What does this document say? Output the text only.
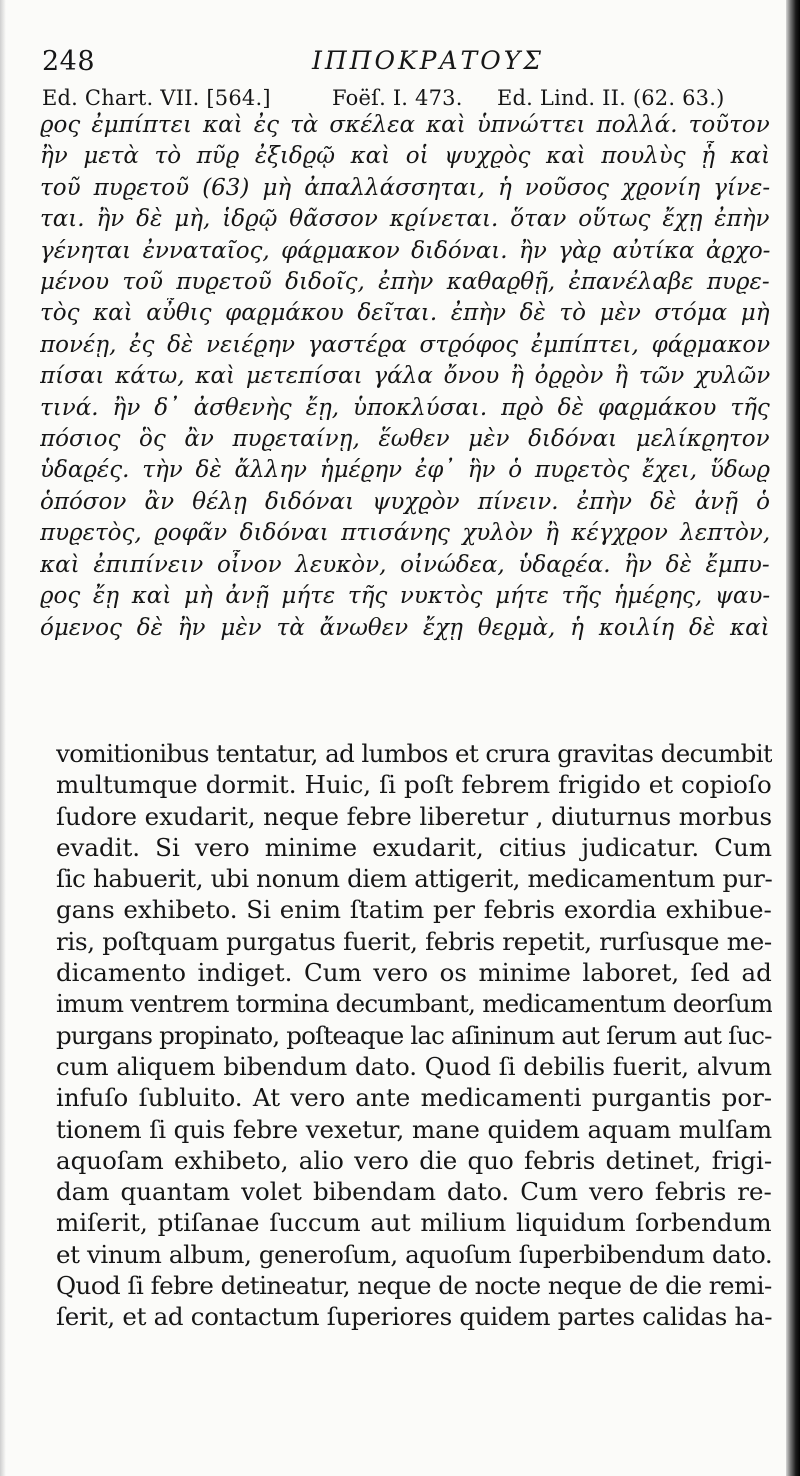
248	ΙΠΠΟΚΡΑΤΟΥΣ
Ed. Chart. VII. [564.]	Foëſ. I. 473. Ed. Lind. II. (62. 63.)
ϱος ἐμπίπτει καὶ ἐς τὰ σκέλεα καὶ ὑπνώττει πολλά. τοῦτον
ἢν μετὰ τὸ πῦϱ ἐξιδϱῷ καὶ οἱ ψυχϱὸς καὶ πουλὺς ᾗ καὶ
τοῦ πυϱετοῦ (63) μὴ ἀπαλλάσσηται, ἡ νοῦσος χϱονίη γίνε-
ται. ἢν δὲ μὴ, ἱδϱῷ θᾶσσον κϱίνεται. ὅταν οὕτως ἔχῃ ἐπὴν
γένηται ἐνναταῖος, φάϱμακον διδόναι. ἢν γὰϱ αὐτίκα ἀϱχο-
μένου τοῦ πυϱετοῦ διδοῖς, ἐπὴν καθαϱθῇ, ἐπανέλαβε πυϱε-
τὸς καὶ αὖθις φαϱμάκου δεῖται. ἐπὴν δὲ τὸ μὲν στόμα μὴ
πονέῃ, ἐς δὲ νειέϱην γαστέϱα στϱόφος ἐμπίπτει, φάϱμακον
πίσαι κάτω, καὶ μετεπίσαι γάλα ὄνου ἢ ὀϱϱὸν ἢ τῶν χυλῶν
τινά. ἢν δ᾽ ἀσθενὴς ἔῃ, ὑποκλύσαι. πϱὸ δὲ φαϱμάκου τῆς
πόσιος ὃς ἂν πυϱεταίνῃ, ἕωθεν μὲν διδόναι μελίκϱητον
ὑδαϱές. τὴν δὲ ἄλλην ἡμέϱην ἐφ᾽ ἣν ὁ πυϱετὸς ἔχει, ὕδωϱ
ὁπόσον ἂν θέλῃ διδόναι ψυχϱὸν πίνειν. ἐπὴν δὲ ἀνῇ ὁ
πυϱετὸς, ϱοφᾶν διδόναι πτισάνης χυλὸν ἢ κέγχϱον λεπτὸν,
καὶ ἐπιπίνειν οἶνον λευκὸν, οἰνώδεα, ὑδαϱέα. ἢν δὲ ἔμπυ-
ϱος ἔῃ καὶ μὴ ἀνῇ μήτε τῆς νυκτὸς μήτε τῆς ἡμέϱης, ψαυ-
όμενος δὲ ἢν μὲν τὰ ἄνωθεν ἔχῃ θεϱμὰ, ἡ κοιλίη δὲ καὶ
vomitionibus tentatur, ad lumbos et crura gravitas decumbit
multumque dormit. Huic, ſi poſt febrem frigido et copioſo
ſudore exudarit, neque febre liberetur , diuturnus morbus
evadit. Si vero minime exudarit, citius judicatur. Cum
ſic habuerit, ubi nonum diem attigerit, medicamentum pur-
gans exhibeto. Si enim ſtatim per febris exordia exhibue-
ris, poſtquam purgatus fuerit, febris repetit, rurſusque me-
dicamento indiget. Cum vero os minime laboret, ſed ad
imum ventrem tormina decumbant, medicamentum deorſum
purgans propinato, poſteaque lac aſininum aut ſerum aut ſuc-
cum aliquem bibendum dato. Quod ſi debilis fuerit, alvum
infuſo ſubluito. At vero ante medicamenti purgantis por-
tionem ſi quis febre vexetur, mane quidem aquam mulſam
aquoſam exhibeto, alio vero die quo febris detinet, frigi-
dam quantam volet bibendam dato. Cum vero febris re-
miſerit, ptiſanae ſuccum aut milium liquidum ſorbendum
et vinum album, generoſum, aquoſum ſuperbibendum dato.
Quod ſi febre detineatur, neque de nocte neque de die remi-
ſerit, et ad contactum ſuperiores quidem partes calidas ha-
